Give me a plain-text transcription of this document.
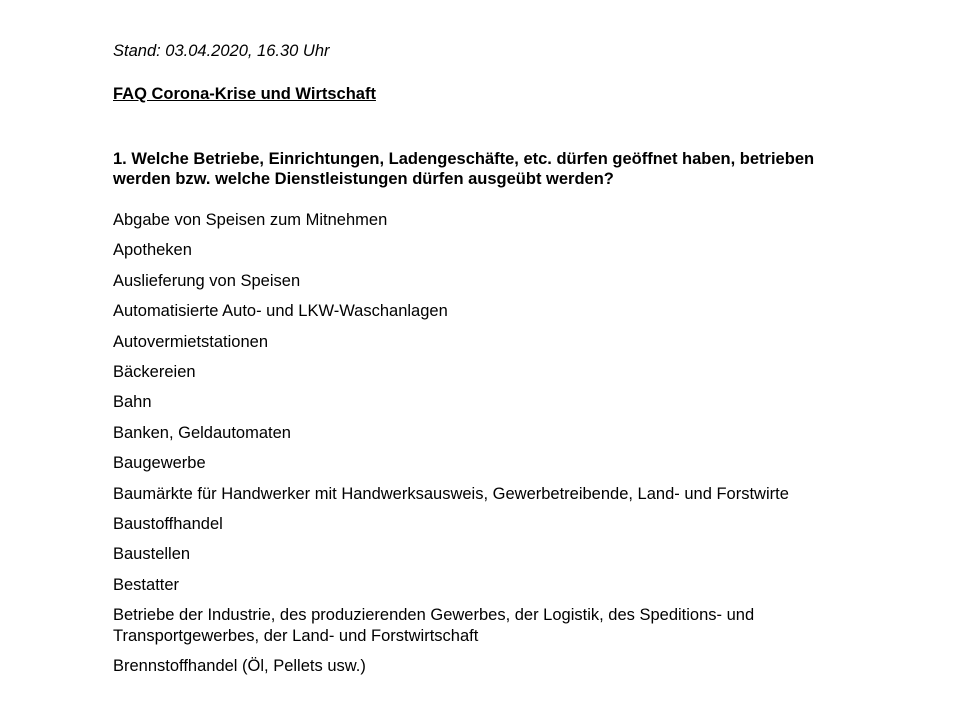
Stand: 03.04.2020, 16.30 Uhr
FAQ Corona-Krise und Wirtschaft
1. Welche Betriebe, Einrichtungen, Ladengeschäfte, etc. dürfen geöffnet haben, betrieben werden bzw. welche Dienstleistungen dürfen ausgeübt werden?
Abgabe von Speisen zum Mitnehmen
Apotheken
Auslieferung von Speisen
Automatisierte Auto- und LKW-Waschanlagen
Autovermietstationen
Bäckereien
Bahn
Banken, Geldautomaten
Baugewerbe
Baumärkte für Handwerker mit Handwerksausweis, Gewerbetreibende, Land- und Forstwirte
Baustoffhandel
Baustellen
Bestatter
Betriebe der Industrie, des produzierenden Gewerbes, der Logistik, des Speditions- und Transportgewerbes, der Land- und Forstwirtschaft
Brennstoffhandel (Öl, Pellets usw.)
